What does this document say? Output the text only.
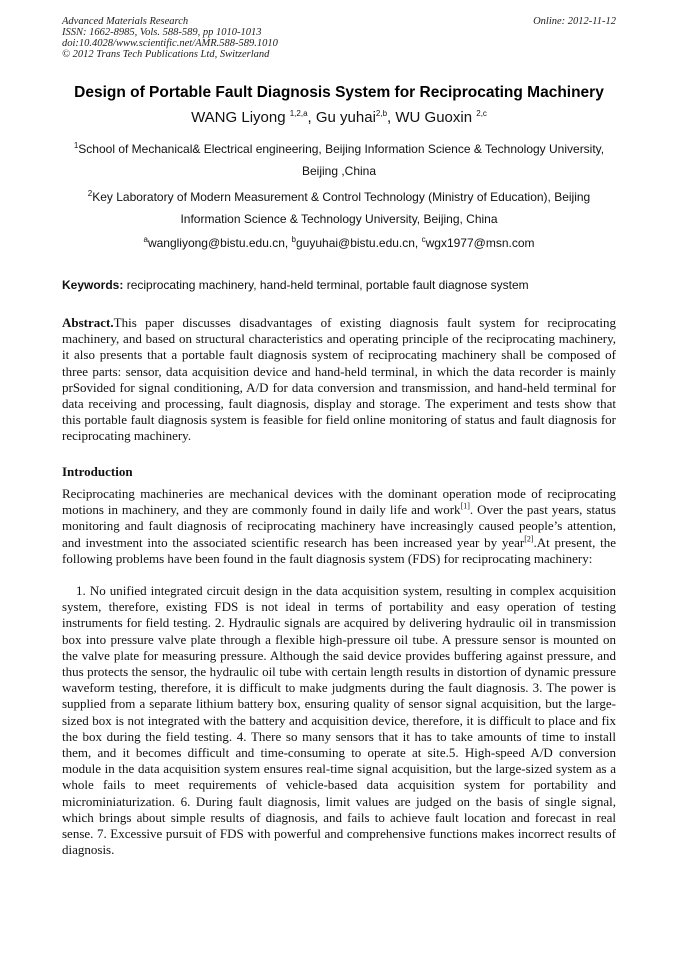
Advanced Materials Research
ISSN: 1662-8985, Vols. 588-589, pp 1010-1013
doi:10.4028/www.scientific.net/AMR.588-589.1010
© 2012 Trans Tech Publications Ltd, Switzerland
Online: 2012-11-12
Design of Portable Fault Diagnosis System for Reciprocating Machinery
WANG Liyong $^{1,2,a}$, Gu yuhai$^{2,b}$, WU Guoxin $^{2,c}$
$^1$School of Mechanical& Electrical engineering, Beijing Information Science & Technology University, Beijing ,China
$^2$Key Laboratory of Modern Measurement & Control Technology (Ministry of Education), Beijing Information Science & Technology University, Beijing, China
$^a$wangliyong@bistu.edu.cn, $^b$guyuhai@bistu.edu.cn, $^c$wgx1977@msn.com
Keywords: reciprocating machinery, hand-held terminal, portable fault diagnose system
Abstract.This paper discusses disadvantages of existing diagnosis fault system for reciprocating machinery, and based on structural characteristics and operating principle of the reciprocating machinery, it also presents that a portable fault diagnosis system of reciprocating machinery shall be composed of three parts: sensor, data acquisition device and hand-held terminal, in which the data recorder is mainly prSovided for signal conditioning, A/D for data conversion and transmission, and hand-held terminal for data receiving and processing, fault diagnosis, display and storage. The experiment and tests show that this portable fault diagnosis system is feasible for field online monitoring of status and fault diagnosis for reciprocating machinery.
Introduction
Reciprocating machineries are mechanical devices with the dominant operation mode of reciprocating motions in machinery, and they are commonly found in daily life and work[1]. Over the past years, status monitoring and fault diagnosis of reciprocating machinery have increasingly caused people’s attention, and investment into the associated scientific research has been increased year by year[2].At present, the following problems have been found in the fault diagnosis system (FDS) for reciprocating machinery:
1. No unified integrated circuit design in the data acquisition system, resulting in complex acquisition system, therefore, existing FDS is not ideal in terms of portability and easy operation of testing instruments for field testing. 2. Hydraulic signals are acquired by delivering hydraulic oil in transmission box into pressure valve plate through a flexible high-pressure oil tube. A pressure sensor is mounted on the valve plate for measuring pressure. Although the said device provides buffering against pressure, and thus protects the sensor, the hydraulic oil tube with certain length results in distortion of dynamic pressure waveform testing, therefore, it is difficult to make judgments during the fault diagnosis. 3. The power is supplied from a separate lithium battery box, ensuring quality of sensor signal acquisition, but the large-sized box is not integrated with the battery and acquisition device, therefore, it is difficult to place and fix the box during the field testing. 4. There so many sensors that it has to take amounts of time to install them, and it becomes difficult and time-consuming to operate at site.5. High-speed A/D conversion module in the data acquisition system ensures real-time signal acquisition, but the large-sized system as a whole fails to meet requirements of vehicle-based data acquisition system for portability and microminiaturization. 6. During fault diagnosis, limit values are judged on the basis of single signal, which brings about simple results of diagnosis, and fails to achieve fault location and forecast in real sense. 7. Excessive pursuit of FDS with powerful and comprehensive functions makes incorrect results of diagnosis.
